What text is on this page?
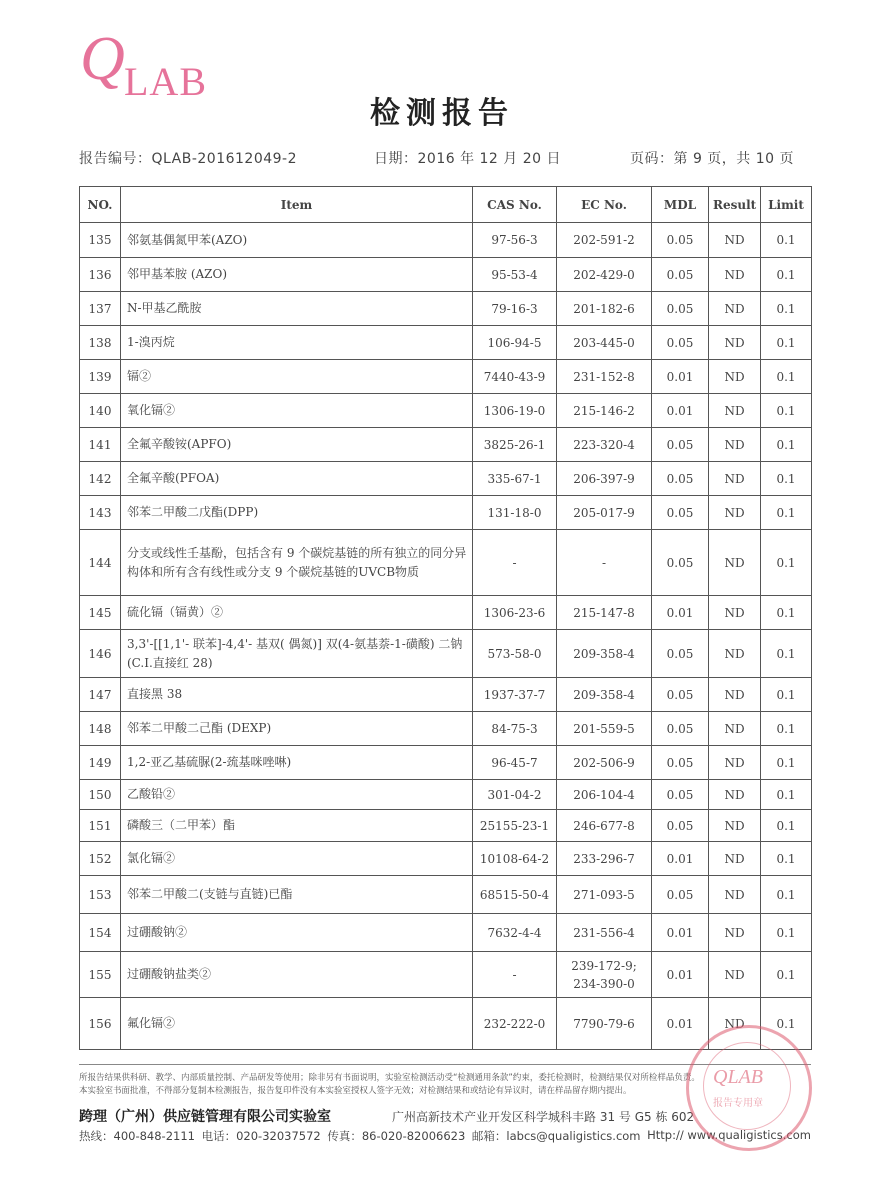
Q LAB
检测报告
报告编号：QLAB-201612049-2	日期：2016 年 12 月 20 日	页码：第 9 页，共 10 页
NO.	Item	CAS No.	EC No.	MDL	Result	Limit
135	邻氨基偶氮甲苯(AZO)	97-56-3	202-591-2	0.05	ND	0.1
136	邻甲基苯胺 (AZO)	95-53-4	202-429-0	0.05	ND	0.1
137	N-甲基乙酰胺	79-16-3	201-182-6	0.05	ND	0.1
138	1-溴丙烷	106-94-5	203-445-0	0.05	ND	0.1
139	镉②	7440-43-9	231-152-8	0.01	ND	0.1
140	氧化镉②	1306-19-0	215-146-2	0.01	ND	0.1
141	全氟辛酸铵(APFO)	3825-26-1	223-320-4	0.05	ND	0.1
142	全氟辛酸(PFOA)	335-67-1	206-397-9	0.05	ND	0.1
143	邻苯二甲酸二戊酯(DPP)	131-18-0	205-017-9	0.05	ND	0.1
144	分支或线性壬基酚，包括含有 9 个碳烷基链的所有独立的同分异构体和所有含有线性或分支 9 个碳烷基链的UVCB物质	-	-	0.05	ND	0.1
145	硫化镉（镉黄）②	1306-23-6	215-147-8	0.01	ND	0.1
146	3,3'-[[1,1'- 联苯]-4,4'- 基双( 偶氮)] 双(4-氨基萘-1-磺酸) 二钠 (C.I.直接红 28)	573-58-0	209-358-4	0.05	ND	0.1
147	直接黑 38	1937-37-7	209-358-4	0.05	ND	0.1
148	邻苯二甲酸二己酯 (DEXP)	84-75-3	201-559-5	0.05	ND	0.1
149	1,2-亚乙基硫脲(2-巯基咪唑啉)	96-45-7	202-506-9	0.05	ND	0.1
150	乙酸铅②	301-04-2	206-104-4	0.05	ND	0.1
151	磷酸三（二甲苯）酯	25155-23-1	246-677-8	0.05	ND	0.1
152	氯化镉②	10108-64-2	233-296-7	0.01	ND	0.1
153	邻苯二甲酸二(支链与直链)已酯	68515-50-4	271-093-5	0.05	ND	0.1
154	过硼酸钠②	7632-4-4	231-556-4	0.01	ND	0.1
155	过硼酸钠盐类②	-	239-172-9;
234-390-0	0.01	ND	0.1
156	氟化镉②	232-222-0	7790-79-6	0.01	ND	0.1
所报告结果供科研、教学、内部质量控制、产品研发等使用；除非另有书面说明，实验室检测活动受“检测通用条款”约束，委托检测时，检测结果仅对所检样品负责。
本实验室书面批准，不得部分复制本检测报告，报告复印件没有本实验室授权人签字无效；对检测结果和或结论有异议时，请在样品留存期内提出。
跨理（广州）供应链管理有限公司实验室	广州高新技术产业开发区科学城科丰路 31 号 G5 栋 602
热线：400-848-2111 电话：020-32037572 传真：86-020-82006623 邮箱：labcs@qualigistics.com Http:// www.qualigistics.com
QLAB
报告专用章
